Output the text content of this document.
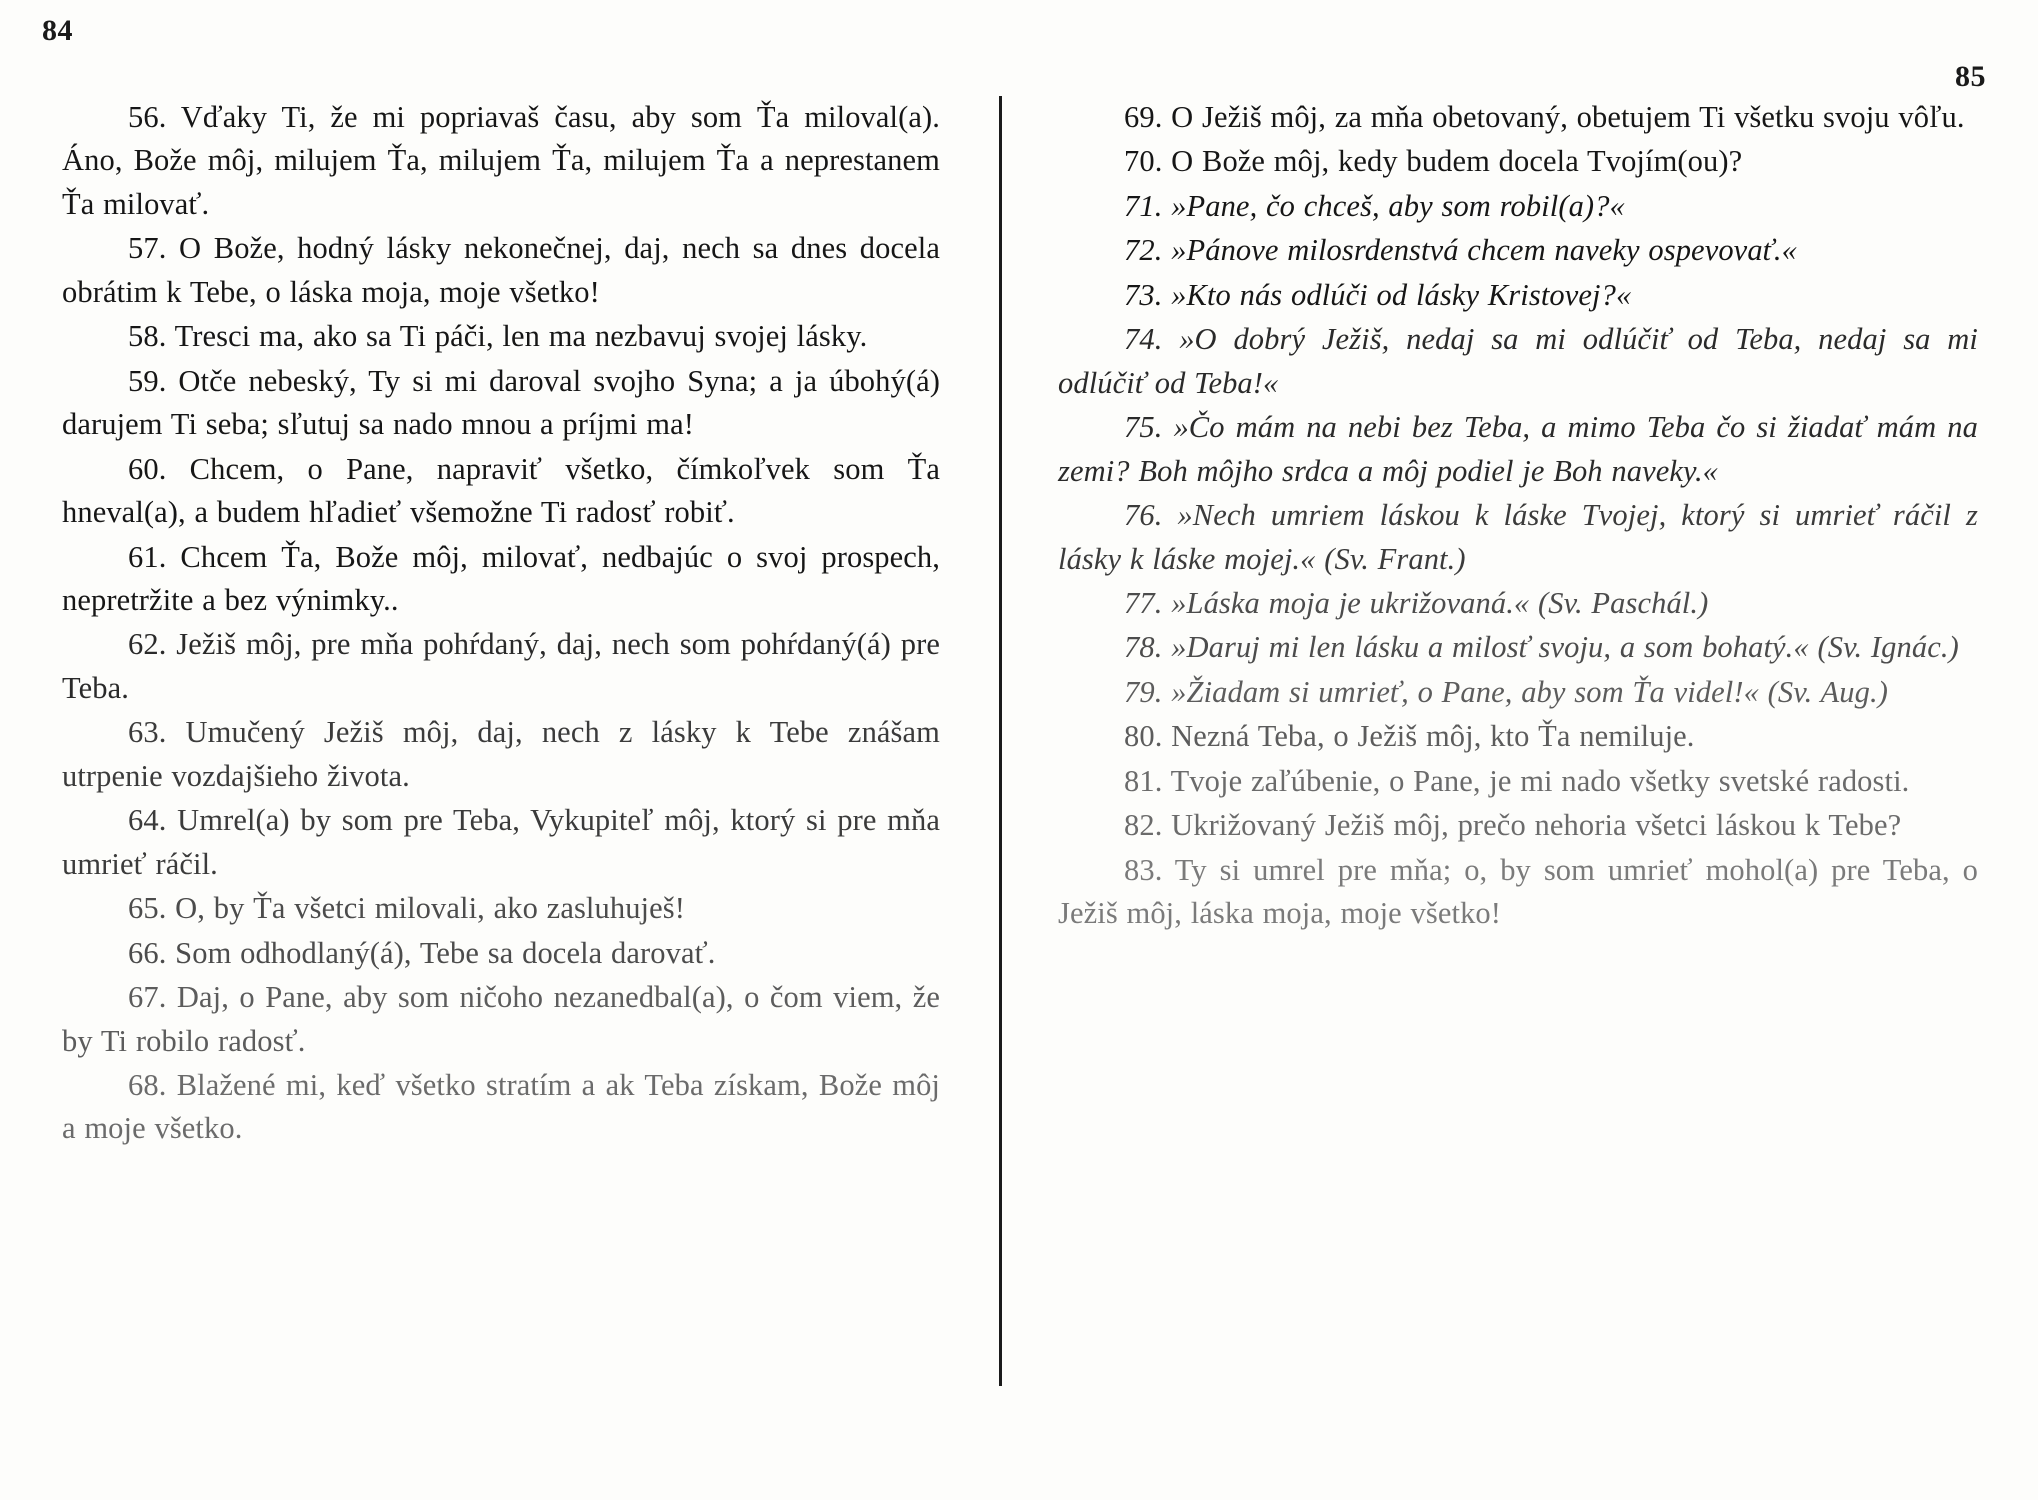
84
85

56. Vďaky Ti, že mi popriavaš času, aby som Ťa miloval(a). Áno, Bože môj, milujem Ťa, milujem Ťa, milujem Ťa a neprestanem Ťa milovať.

57. O Bože, hodný lásky nekonečnej, daj, nech sa dnes docela obrátim k Tebe, o láska moja, moje všetko!

58. Tresci ma, ako sa Ti páči, len ma nezbavuj svojej lásky.

59. Otče nebeský, Ty si mi daroval svojho Syna; a ja úbohý(á) darujem Ti seba; sľutuj sa nado mnou a príjmi ma!

60. Chcem, o Pane, napraviť všetko, čímkoľvek som Ťa hneval(a), a budem hľadieť všemožne Ti radosť robiť.

61. Chcem Ťa, Bože môj, milovať, nedbajúc o svoj prospech, nepretržite a bez výnimky..

62. Ježiš môj, pre mňa pohŕdaný, daj, nech som pohŕdaný(á) pre Teba.

63. Umučený Ježiš môj, daj, nech z lásky k Tebe znášam utrpenie vozdajšieho života.

64. Umrel(a) by som pre Teba, Vykupiteľ môj, ktorý si pre mňa umrieť ráčil.

65. O, by Ťa všetci milovali, ako zasluhuješ!

66. Som odhodlaný(á), Tebe sa docela darovať.

67. Daj, o Pane, aby som ničoho nezanedbal(a), o čom viem, že by Ti robilo radosť.

68. Blažené mi, keď všetko stratím a ak Teba získam, Bože môj a moje všetko.

69. O Ježiš môj, za mňa obetovaný, obetujem Ti všetku svoju vôľu.

70. O Bože môj, kedy budem docela Tvojím(ou)?

71. »Pane, čo chceš, aby som robil(a)?«

72. »Pánove milosrdenstvá chcem naveky ospevovať.«

73. »Kto nás odlúči od lásky Kristovej?«

74. »O dobrý Ježiš, nedaj sa mi odlúčiť od Teba, nedaj sa mi odlúčiť od Teba!«

75. »Čo mám na nebi bez Teba, a mimo Teba čo si žiadať mám na zemi? Boh môjho srdca a môj podiel je Boh naveky.«

76. »Nech umriem láskou k láske Tvojej, ktorý si umrieť ráčil z lásky k láske mojej.« (Sv. Frant.)

77. »Láska moja je ukrižovaná.« (Sv. Paschál.)

78. »Daruj mi len lásku a milosť svoju, a som bohatý.« (Sv. Ignác.)

79. »Žiadam si umrieť, o Pane, aby som Ťa videl!« (Sv. Aug.)

80. Nezná Teba, o Ježiš môj, kto Ťa nemiluje.

81. Tvoje zaľúbenie, o Pane, je mi nado všetky svetské radosti.

82. Ukrižovaný Ježiš môj, prečo nehoria všetci láskou k Tebe?

83. Ty si umrel pre mňa; o, by som umrieť mohol(a) pre Teba, o Ježiš môj, láska moja, moje všetko!
